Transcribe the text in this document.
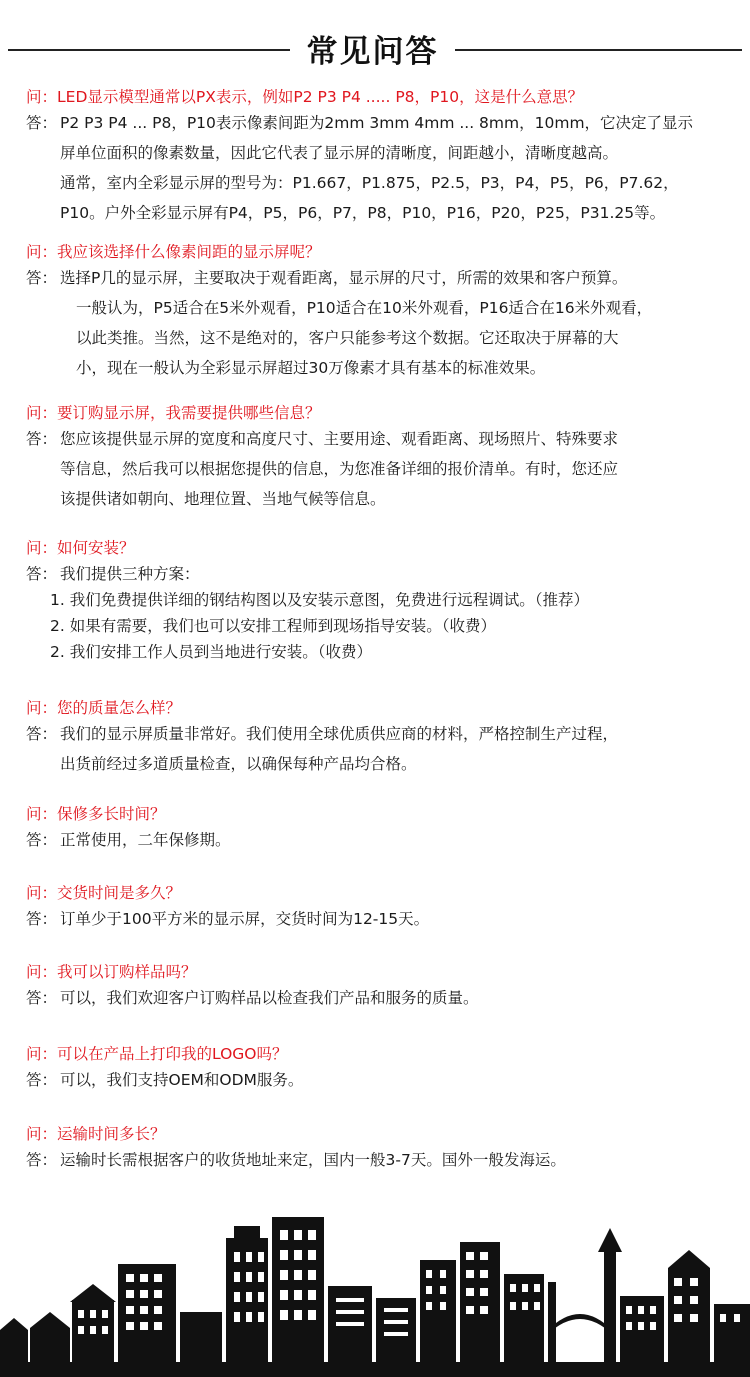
常见问答
问：LED显示模型通常以PX表示，例如P2 P3 P4 ..... P8，P10，这是什么意思？
答： P2 P3 P4 ... P8，P10表示像素间距为2mm 3mm 4mm ... 8mm，10mm，它决定了显示
屏单位面积的像素数量，因此它代表了显示屏的清晰度，间距越小，清晰度越高。
通常，室内全彩显示屏的型号为：P1.667，P1.875，P2.5，P3，P4，P5，P6，P7.62，
P10。户外全彩显示屏有P4，P5，P6，P7，P8，P10，P16，P20，P25，P31.25等。
问：我应该选择什么像素间距的显示屏呢？
答： 选择P几的显示屏，主要取决于观看距离，显示屏的尺寸，所需的效果和客户预算。
一般认为，P5适合在5米外观看，P10适合在10米外观看，P16适合在16米外观看，
以此类推。当然，这不是绝对的，客户只能参考这个数据。它还取决于屏幕的大
小，现在一般认为全彩显示屏超过30万像素才具有基本的标准效果。
问：要订购显示屏，我需要提供哪些信息？
答： 您应该提供显示屏的宽度和高度尺寸、主要用途、观看距离、现场照片、特殊要求
等信息，然后我可以根据您提供的信息，为您准备详细的报价清单。有时，您还应
该提供诸如朝向、地理位置、当地气候等信息。
问：如何安装？
答： 我们提供三种方案：
1. 我们免费提供详细的钢结构图以及安装示意图，免费进行远程调试。（推荐）
2. 如果有需要，我们也可以安排工程师到现场指导安装。（收费）
2. 我们安排工作人员到当地进行安装。（收费）
问：您的质量怎么样？
答： 我们的显示屏质量非常好。我们使用全球优质供应商的材料，严格控制生产过程，
出货前经过多道质量检查，以确保每种产品均合格。
问：保修多长时间？
答： 正常使用，二年保修期。
问：交货时间是多久？
答： 订单少于100平方米的显示屏，交货时间为12-15天。
问：我可以订购样品吗？
答： 可以，我们欢迎客户订购样品以检查我们产品和服务的质量。
问：可以在产品上打印我的LOGO吗？
答： 可以，我们支持OEM和ODM服务。
问：运输时间多长？
答： 运输时长需根据客户的收货地址来定，国内一般3-7天。国外一般发海运。
